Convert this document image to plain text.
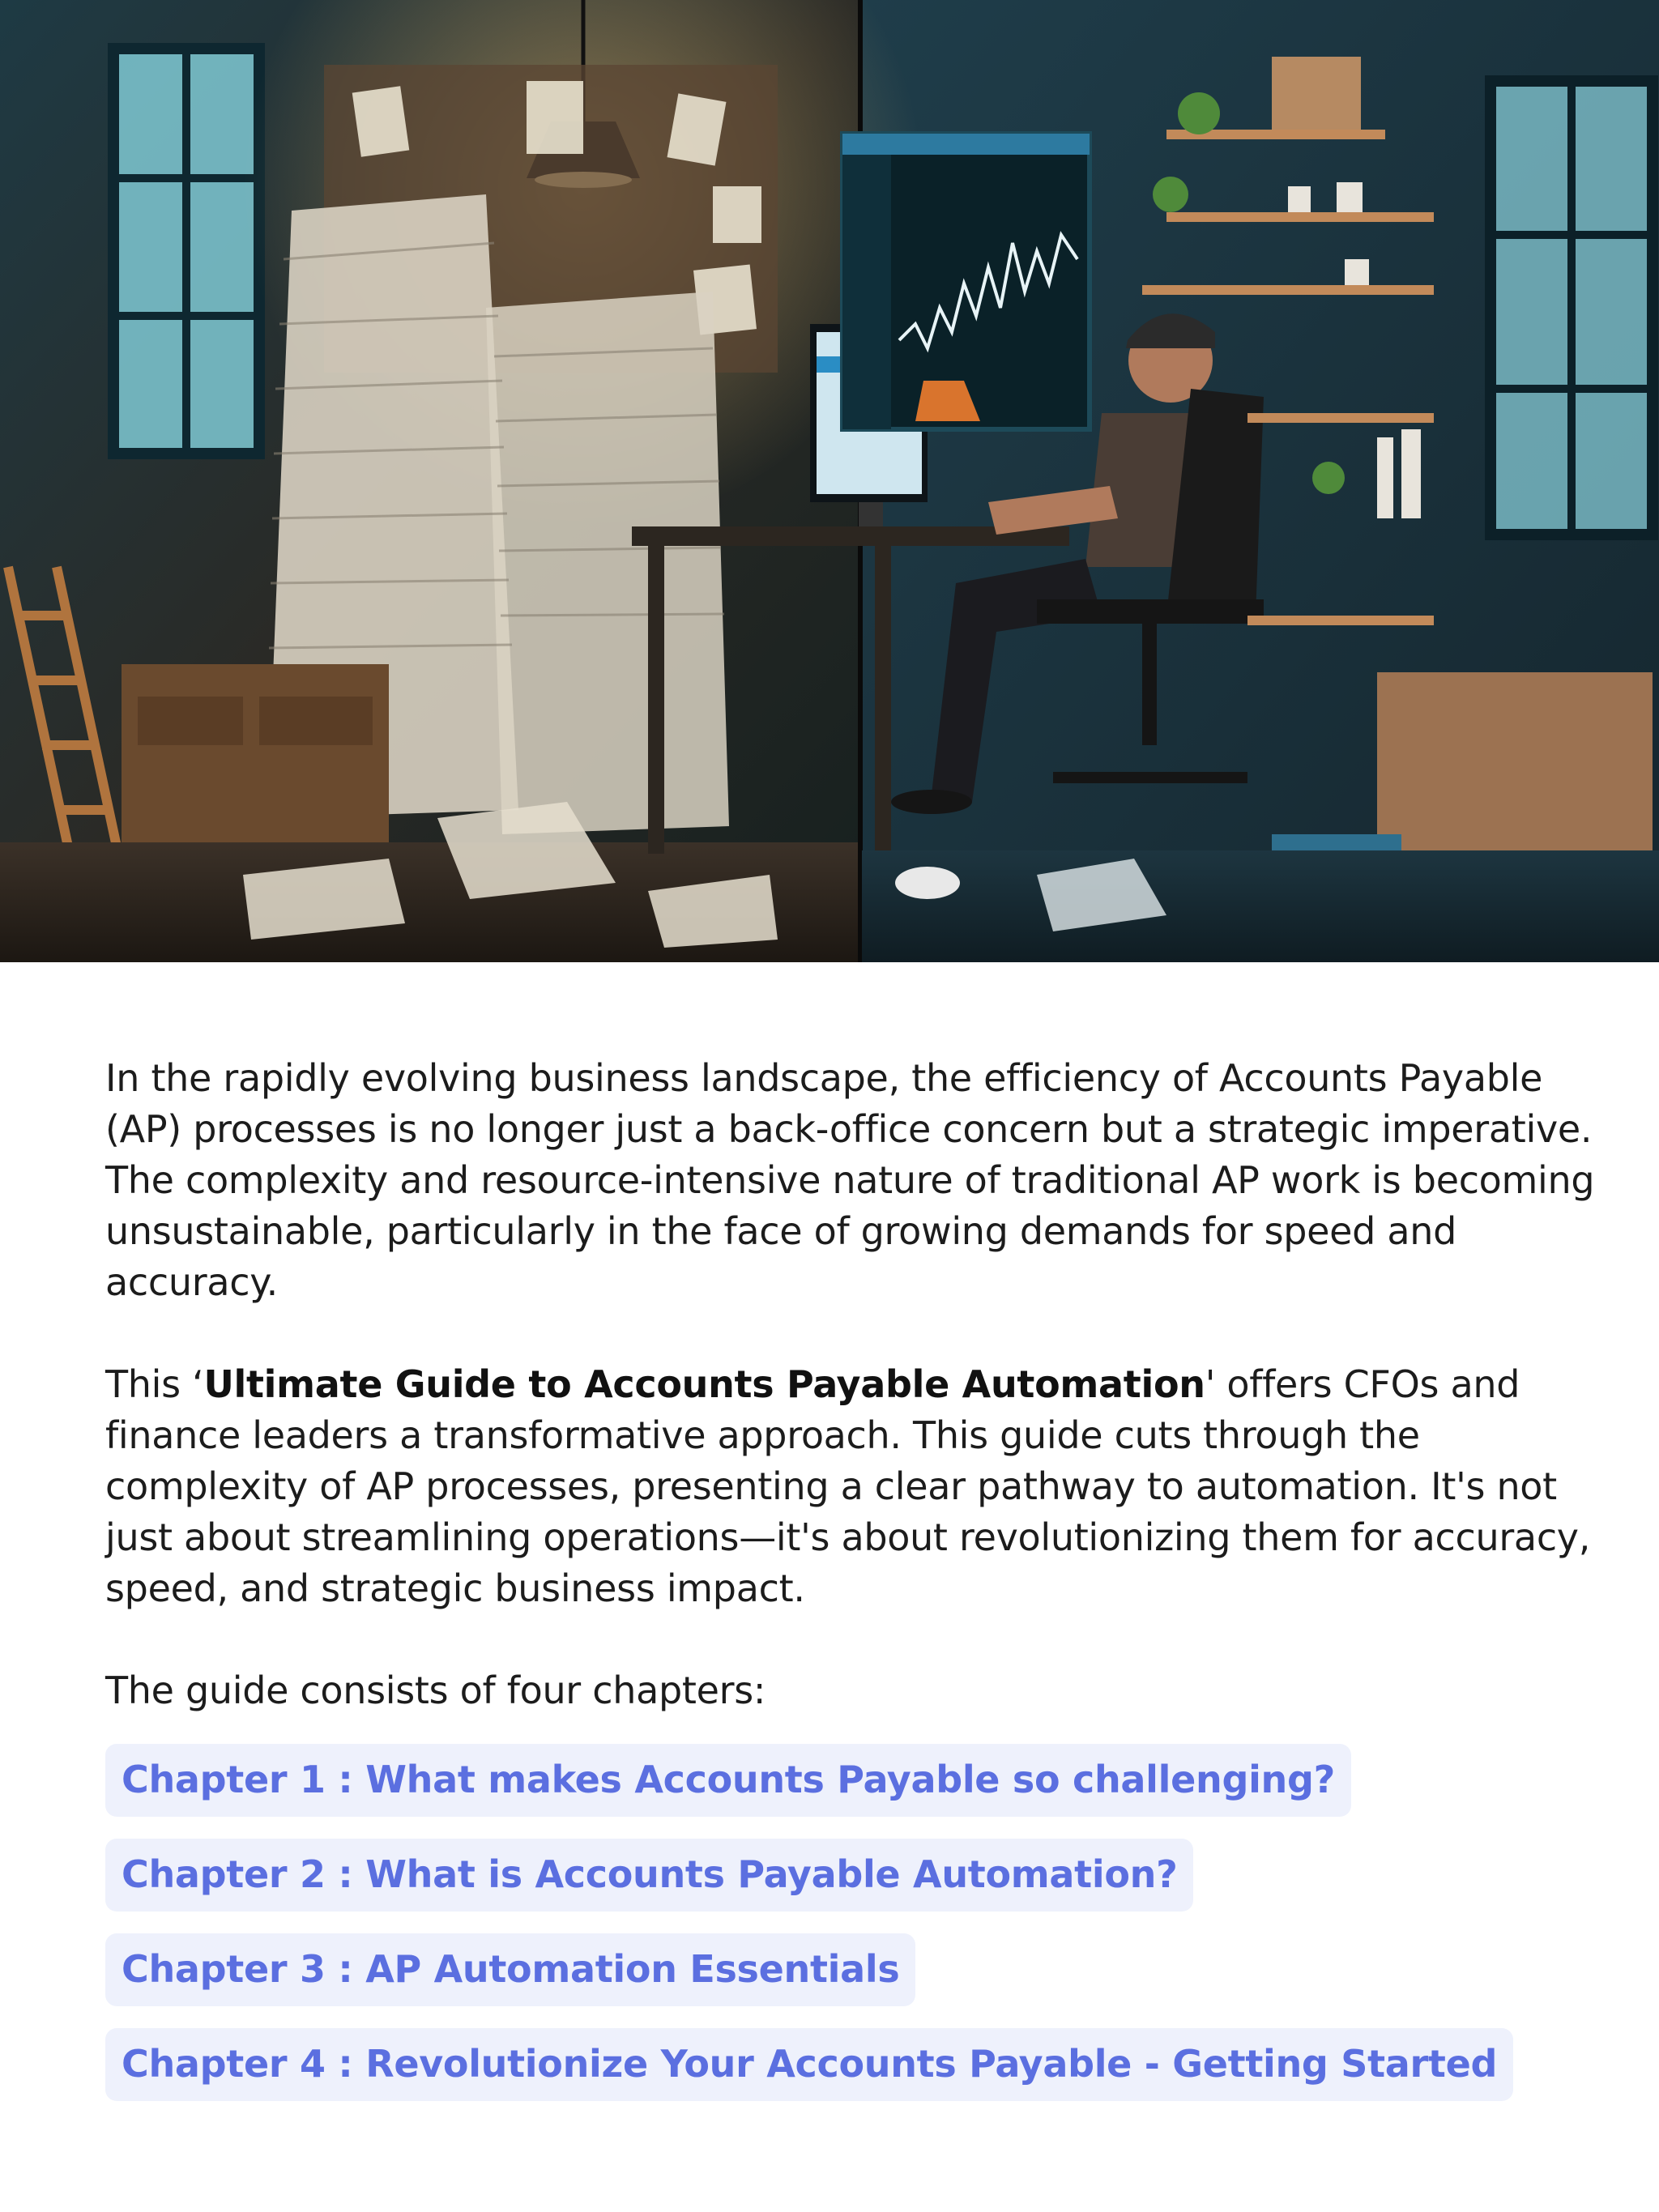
In the rapidly evolving business landscape, the efficiency of Accounts Payable (AP) processes is no longer just a back-office concern but a strategic imperative. The complexity and resource-intensive nature of traditional AP work is becoming unsustainable, particularly in the face of growing demands for speed and accuracy.

This ‘Ultimate Guide to Accounts Payable Automation' offers CFOs and finance leaders a transformative approach. This guide cuts through the complexity of AP processes, presenting a clear pathway to automation. It's not just about streamlining operations—it's about revolutionizing them for accuracy, speed, and strategic business impact.

The guide consists of four chapters:

Chapter 1 : What makes Accounts Payable so challenging?
Chapter 2 : What is Accounts Payable Automation?
Chapter 3 : AP Automation Essentials
Chapter 4 : Revolutionize Your Accounts Payable - Getting Started
